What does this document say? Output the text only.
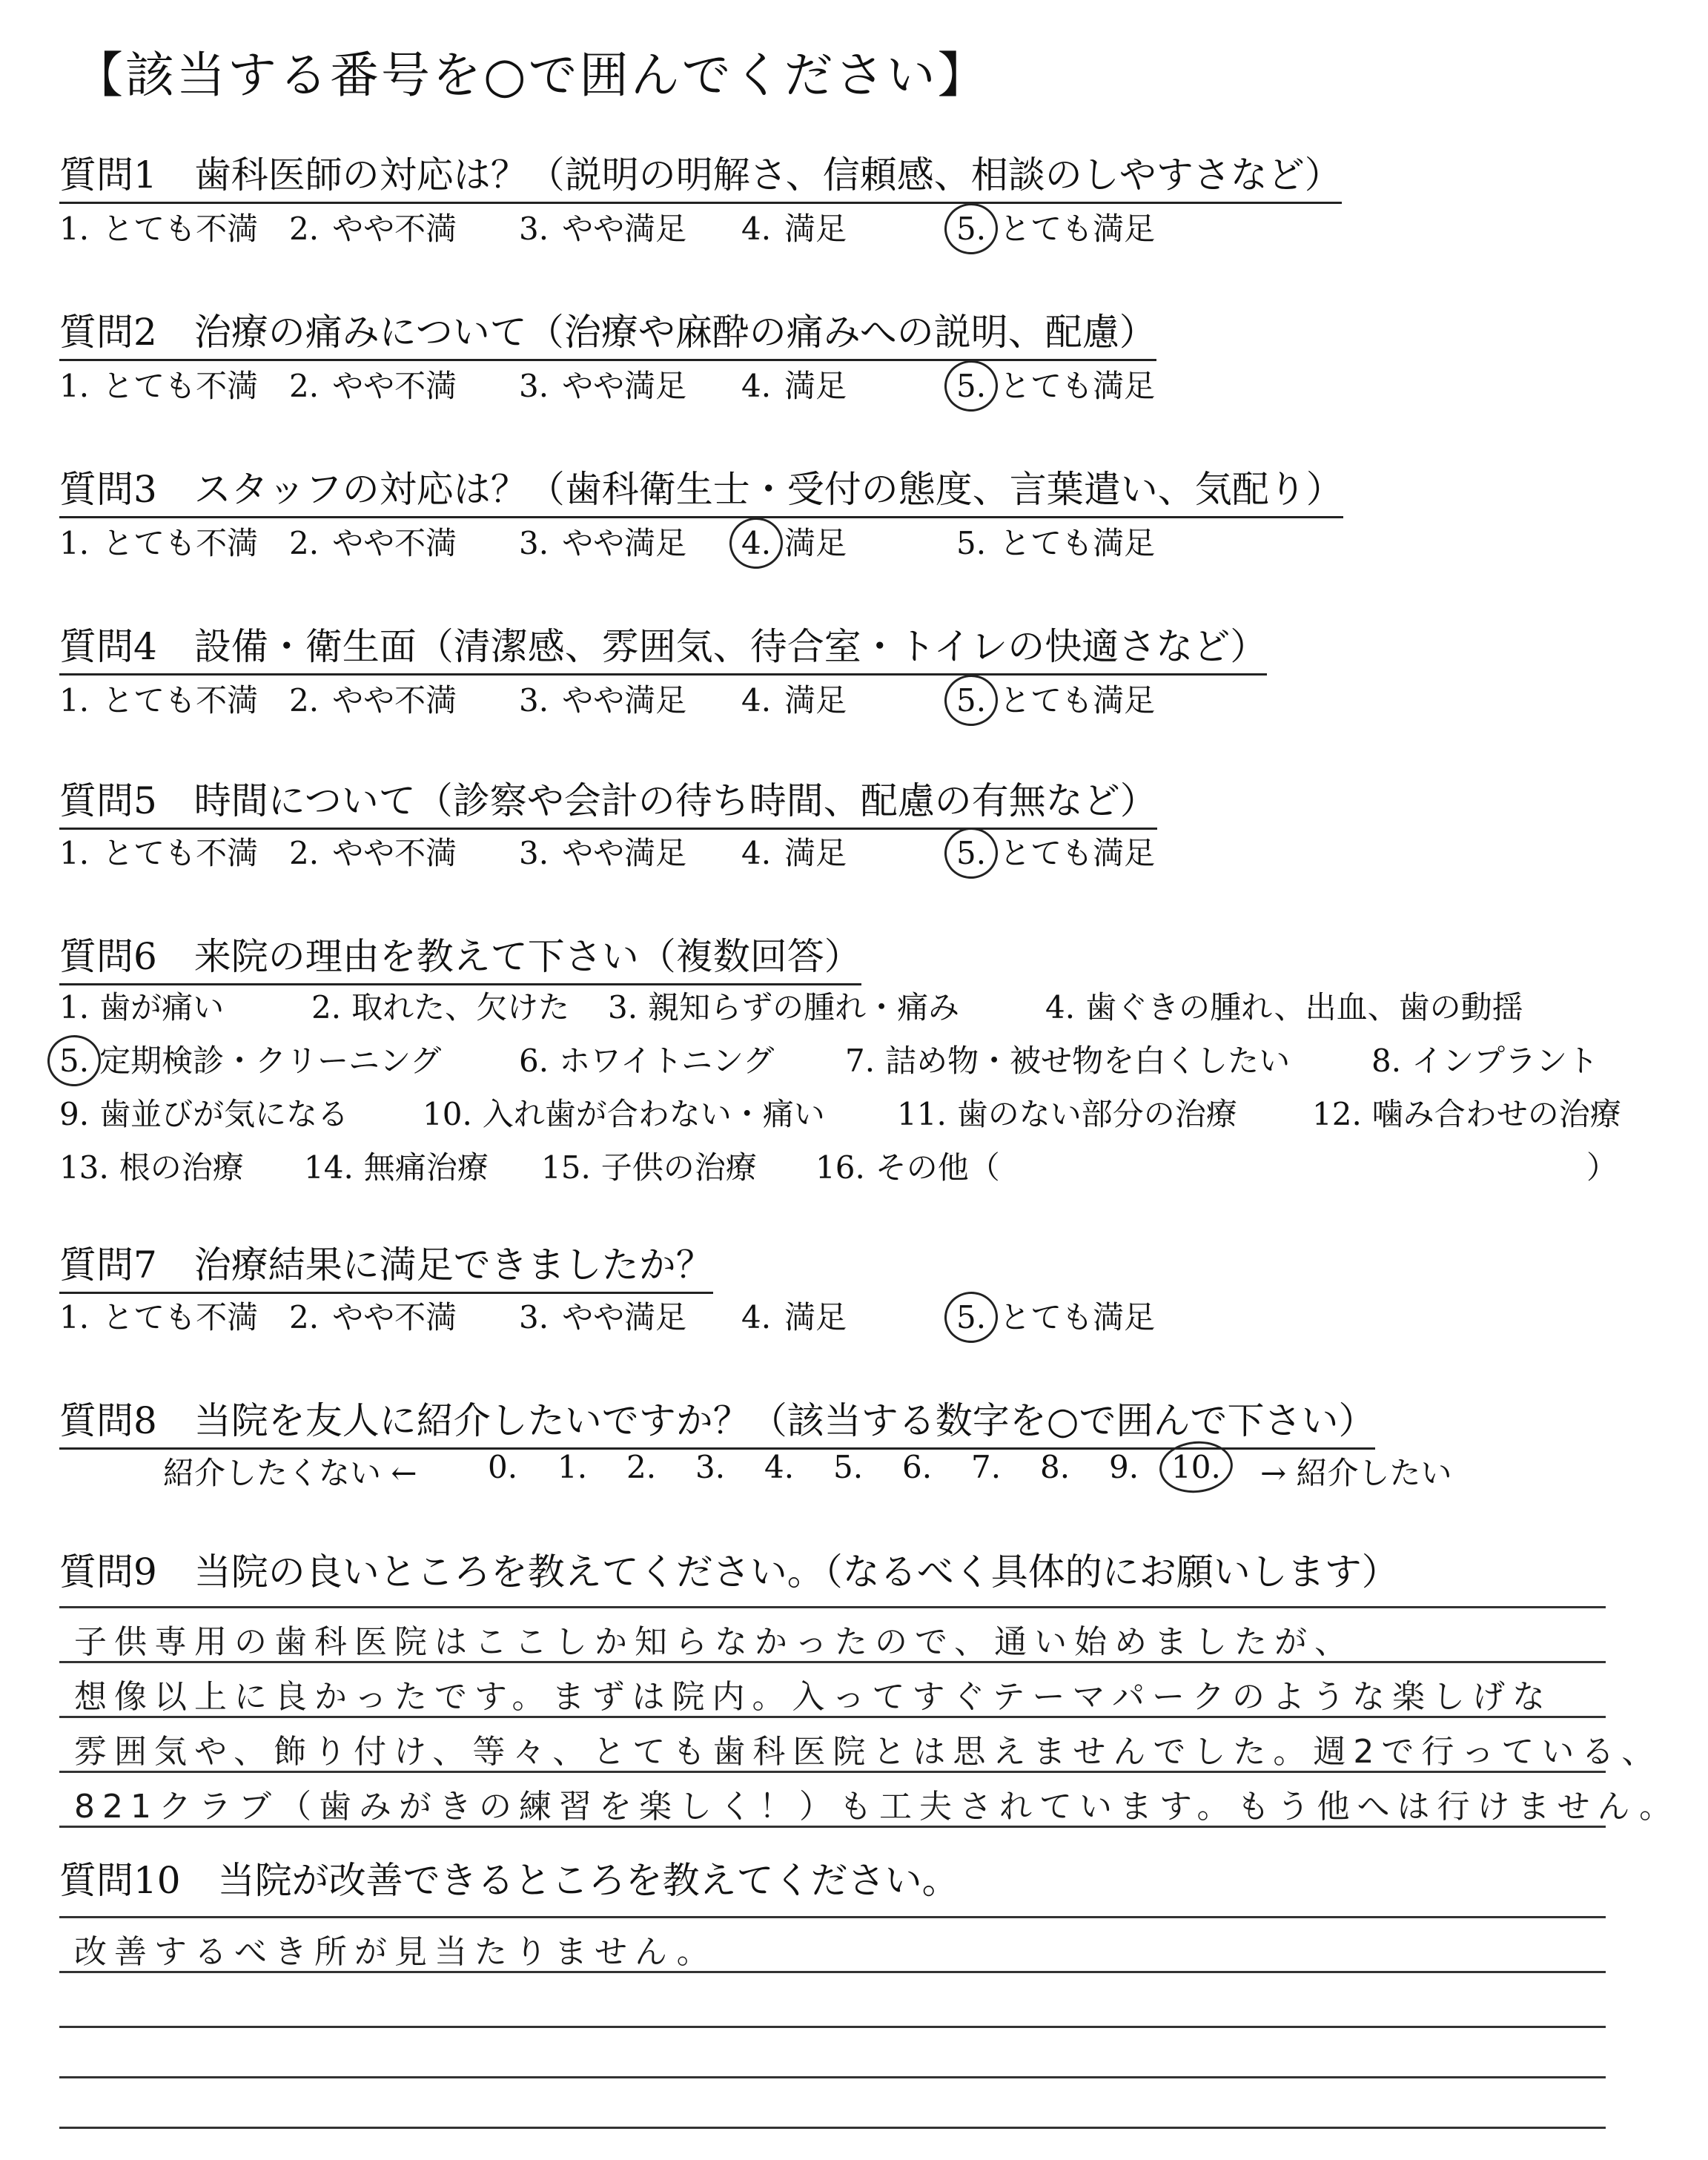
【該当する番号を○で囲んでください】
質問1　歯科医師の対応は？（説明の明解さ、信頼感、相談のしやすさなど）
1. とても不満 2. やや不満 3. やや満足 4. 満足	5. とても満足
質問2　治療の痛みについて（治療や麻酔の痛みへの説明、配慮）
1. とても不満 2. やや不満 3. やや満足 4. 満足	5. とても満足
質問3　スタッフの対応は？（歯科衛生士・受付の態度、言葉遣い、気配り）
1. とても不満 2. やや不満 3. やや満足 4. 満足	5. とても満足
質問4　設備・衛生面（清潔感、雰囲気、待合室・トイレの快適さなど）
1. とても不満 2. やや不満 3. やや満足 4. 満足	5. とても満足
質問5　時間について（診察や会計の待ち時間、配慮の有無など）
1. とても不満 2. やや不満 3. やや満足 4. 満足	5. とても満足
質問6　来院の理由を教えて下さい（複数回答）
1. 歯が痛い	2. 取れた、欠けた 3. 親知らずの腫れ・痛み	4. 歯ぐきの腫れ、出血、歯の動揺
5. 定期検診・クリーニング 6. ホワイトニング 7. 詰め物・被せ物を白くしたい	8. インプラント
9. 歯並びが気になる 10. 入れ歯が合わない・痛い 11. 歯のない部分の治療 12. 噛み合わせの治療
13. 根の治療 14. 無痛治療 15. 子供の治療 16. その他（	）
質問7　治療結果に満足できましたか？
1. とても不満 2. やや不満 3. やや満足 4. 満足	5. とても満足
質問8　当院を友人に紹介したいですか？（該当する数字を○で囲んで下さい）
紹介したくない ← 0. 1. 2. 3. 4. 5. 6. 7. 8. 9. 10. → 紹介したい
質問9　当院の良いところを教えてください。（なるべく具体的にお願いします）
子供専用の歯科医院はここしか知らなかったので、通い始めましたが、
想像以上に良かったです。まずは院内。入ってすぐテーマパークのような楽しげな
雰囲気や、飾り付け、等々、とても歯科医院とは思えませんでした。週2で行っている、
821クラブ（歯みがきの練習を楽しく！）も工夫されています。もう他へは行けません。
質問10　当院が改善できるところを教えてください。
改善するべき所が見当たりません。
